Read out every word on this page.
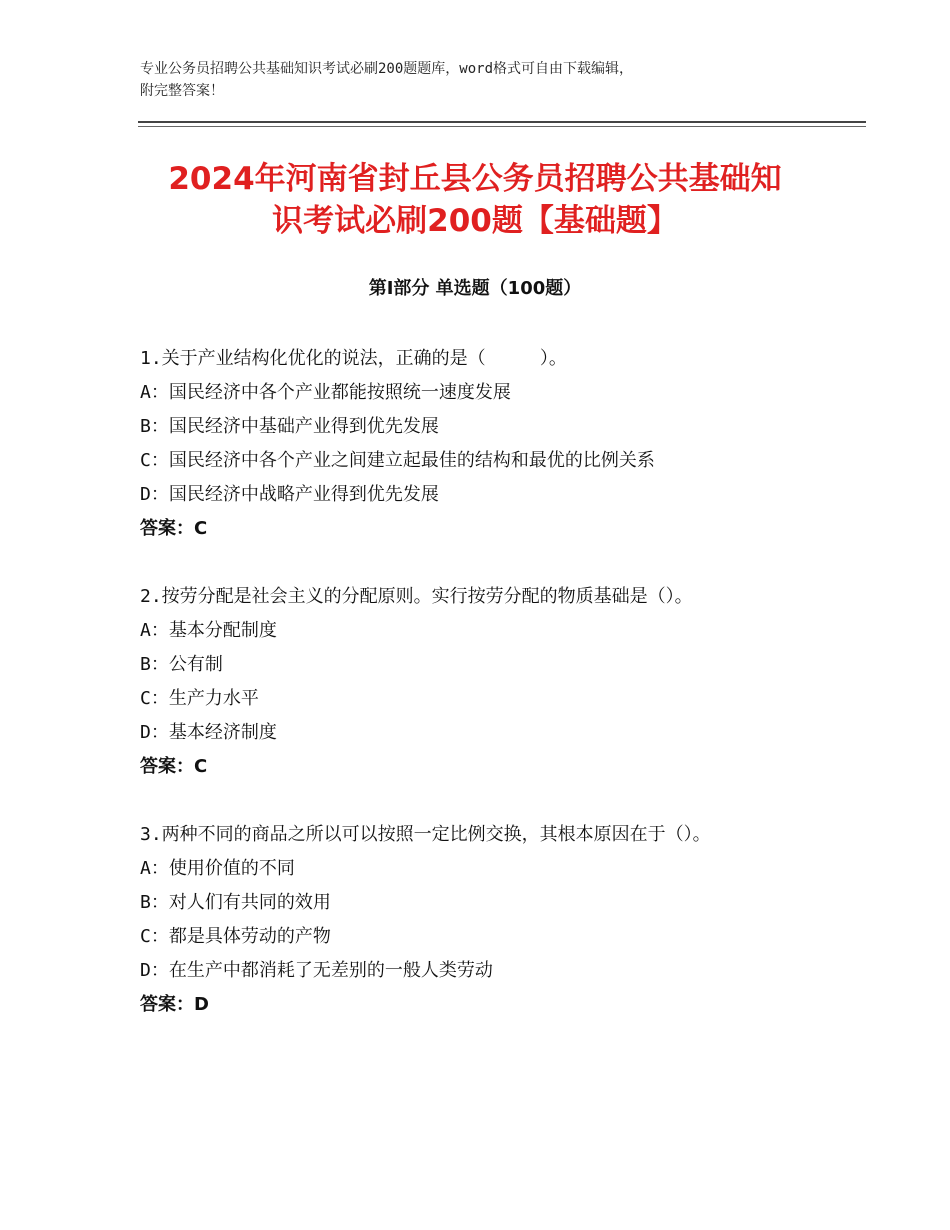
专业公务员招聘公共基础知识考试必刷200题题库，word格式可自由下载编辑，
附完整答案！
2024年河南省封丘县公务员招聘公共基础知
识考试必刷200题【基础题】
第Ⅰ部分 单选题（100题）

1.关于产业结构化优化的说法，正确的是（     ）。

A：国民经济中各个产业都能按照统一速度发展

B：国民经济中基础产业得到优先发展

C：国民经济中各个产业之间建立起最佳的结构和最优的比例关系

D：国民经济中战略产业得到优先发展

答案：C

2.按劳分配是社会主义的分配原则。实行按劳分配的物质基础是（）。

A：基本分配制度

B：公有制

C：生产力水平

D：基本经济制度

答案：C

3.两种不同的商品之所以可以按照一定比例交换，其根本原因在于（）。

A：使用价值的不同

B：对人们有共同的效用

C：都是具体劳动的产物

D：在生产中都消耗了无差别的一般人类劳动

答案：D
